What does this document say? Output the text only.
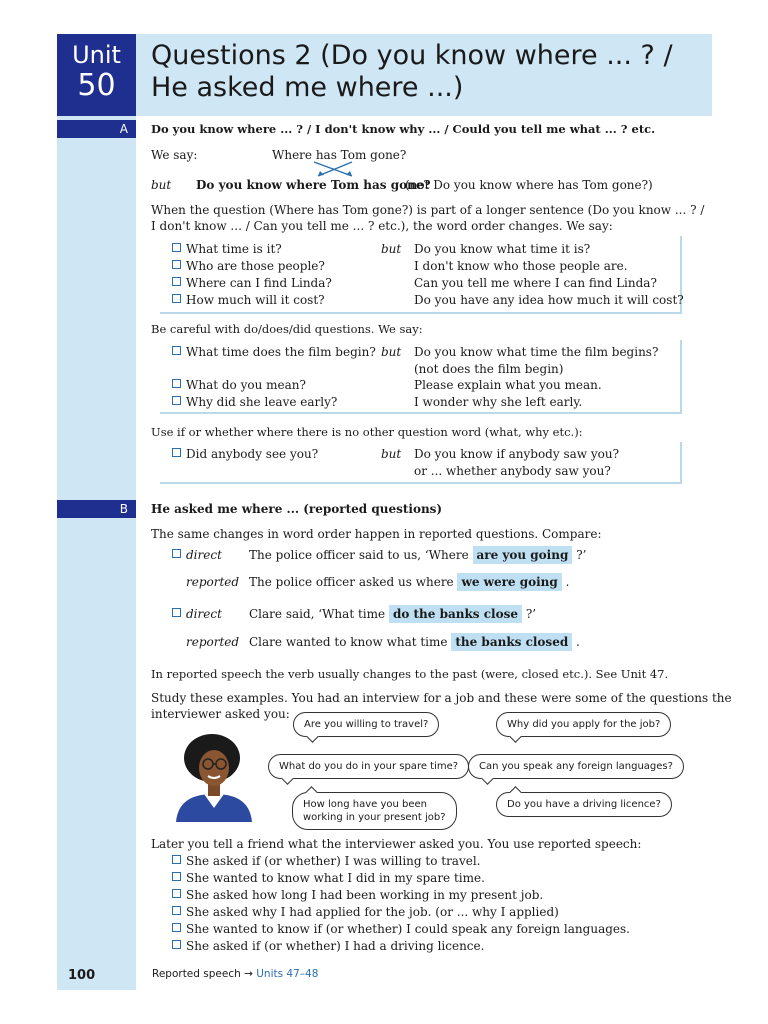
Unit
50
Questions 2 (Do you know where ... ? /
He asked me where ...)
A	Do you know where ... ? / I don't know why ... / Could you tell me what ... ? etc.
We say:	Where has Tom gone?
but Do you know where Tom has gone?
(not Do you know where has Tom gone?)
When the question (Where has Tom gone?) is part of a longer sentence (Do you know ... ? /
I don't know ... / Can you tell me ... ? etc.), the word order changes. We say:
What time is it?	but Do you know what time it is?
Who are those people?	I don't know who those people are.
Where can I find Linda?	Can you tell me where I can find Linda?
How much will it cost?	Do you have any idea how much it will cost?
Be careful with do/does/did questions. We say:
What time does the film begin? but Do you know what time the film begins?
(not does the film begin)
What do you mean?	Please explain what you mean.
Why did she leave early?	I wonder why she left early.
Use if or whether where there is no other question word (what, why etc.):
Did anybody see you?	but Do you know if anybody saw you?
or ... whether anybody saw you?
B	He asked me where ... (reported questions)
The same changes in word order happen in reported questions. Compare:
direct The police officer said to us, ‘Where are you going ?’
reported The police officer asked us where we were going .
direct Clare said, ‘What time do the banks close ?’
reported Clare wanted to know what time the banks closed .
In reported speech the verb usually changes to the past (were, closed etc.). See Unit 47.
Study these examples. You had an interview for a job and these were some of the questions the
interviewer asked you:
Are you willing to travel?	Why did you apply for the job?
What do you do in your spare time?	Can you speak any foreign languages?
How long have you been
working in your present job?
Do you have a driving licence?
Later you tell a friend what the interviewer asked you. You use reported speech:
She asked if (or whether) I was willing to travel.
She wanted to know what I did in my spare time.
She asked how long I had been working in my present job.
She asked why I had applied for the job. (or ... why I applied)
She wanted to know if (or whether) I could speak any foreign languages.
She asked if (or whether) I had a driving licence.
100	Reported speech → Units 47–48
